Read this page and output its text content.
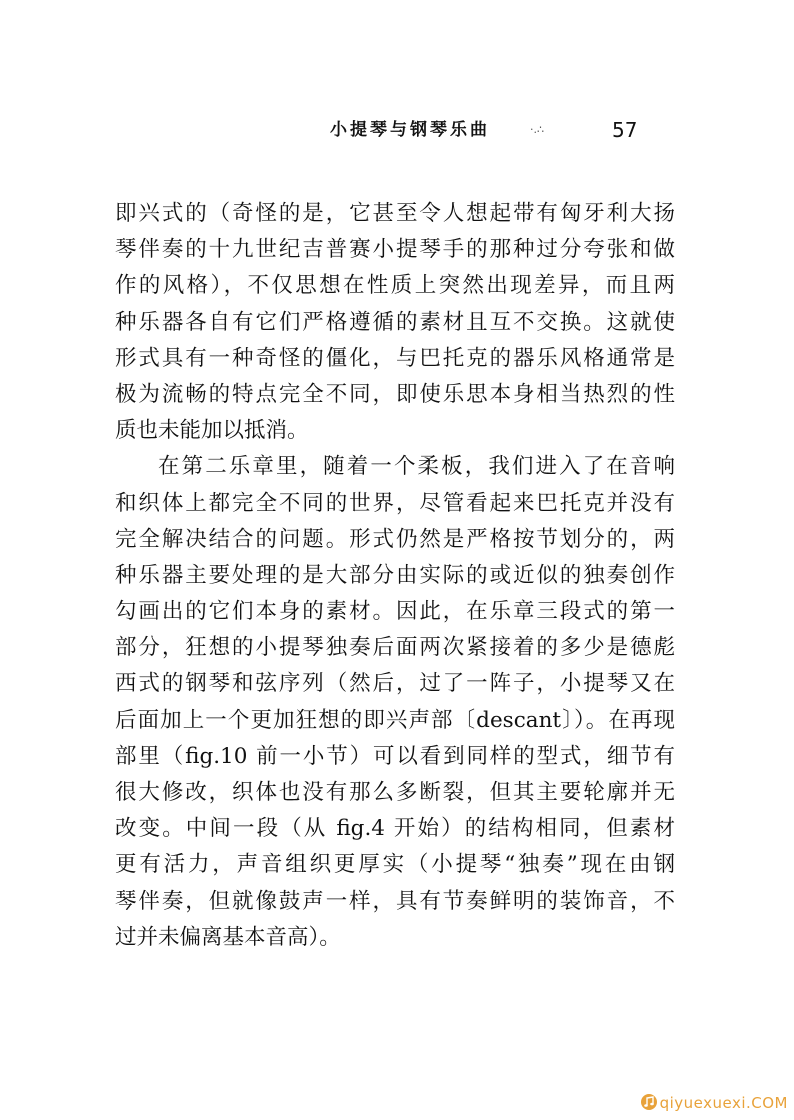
小提琴与钢琴乐曲	·.∴	57
即兴式的（奇怪的是，它甚至令人想起带有匈牙利大扬
琴伴奏的十九世纪吉普赛小提琴手的那种过分夸张和做
作的风格），不仅思想在性质上突然出现差异，而且两
种乐器各自有它们严格遵循的素材且互不交换。这就使
形式具有一种奇怪的僵化，与巴托克的器乐风格通常是
极为流畅的特点完全不同，即使乐思本身相当热烈的性
质也未能加以抵消。
在第二乐章里，随着一个柔板，我们进入了在音响
和织体上都完全不同的世界，尽管看起来巴托克并没有
完全解决结合的问题。形式仍然是严格按节划分的，两
种乐器主要处理的是大部分由实际的或近似的独奏创作
勾画出的它们本身的素材。因此，在乐章三段式的第一
部分，狂想的小提琴独奏后面两次紧接着的多少是德彪
西式的钢琴和弦序列（然后，过了一阵子，小提琴又在
后面加上一个更加狂想的即兴声部〔descant〕）。在再现
部里（fig.10 前一小节）可以看到同样的型式，细节有
很大修改，织体也没有那么多断裂，但其主要轮廓并无
改变。中间一段（从 fig.4 开始）的结构相同，但素材
更有活力，声音组织更厚实（小提琴“独奏”现在由钢
琴伴奏，但就像鼓声一样，具有节奏鲜明的装饰音，不
过并未偏离基本音高）。
qiyuexuexi.COM
